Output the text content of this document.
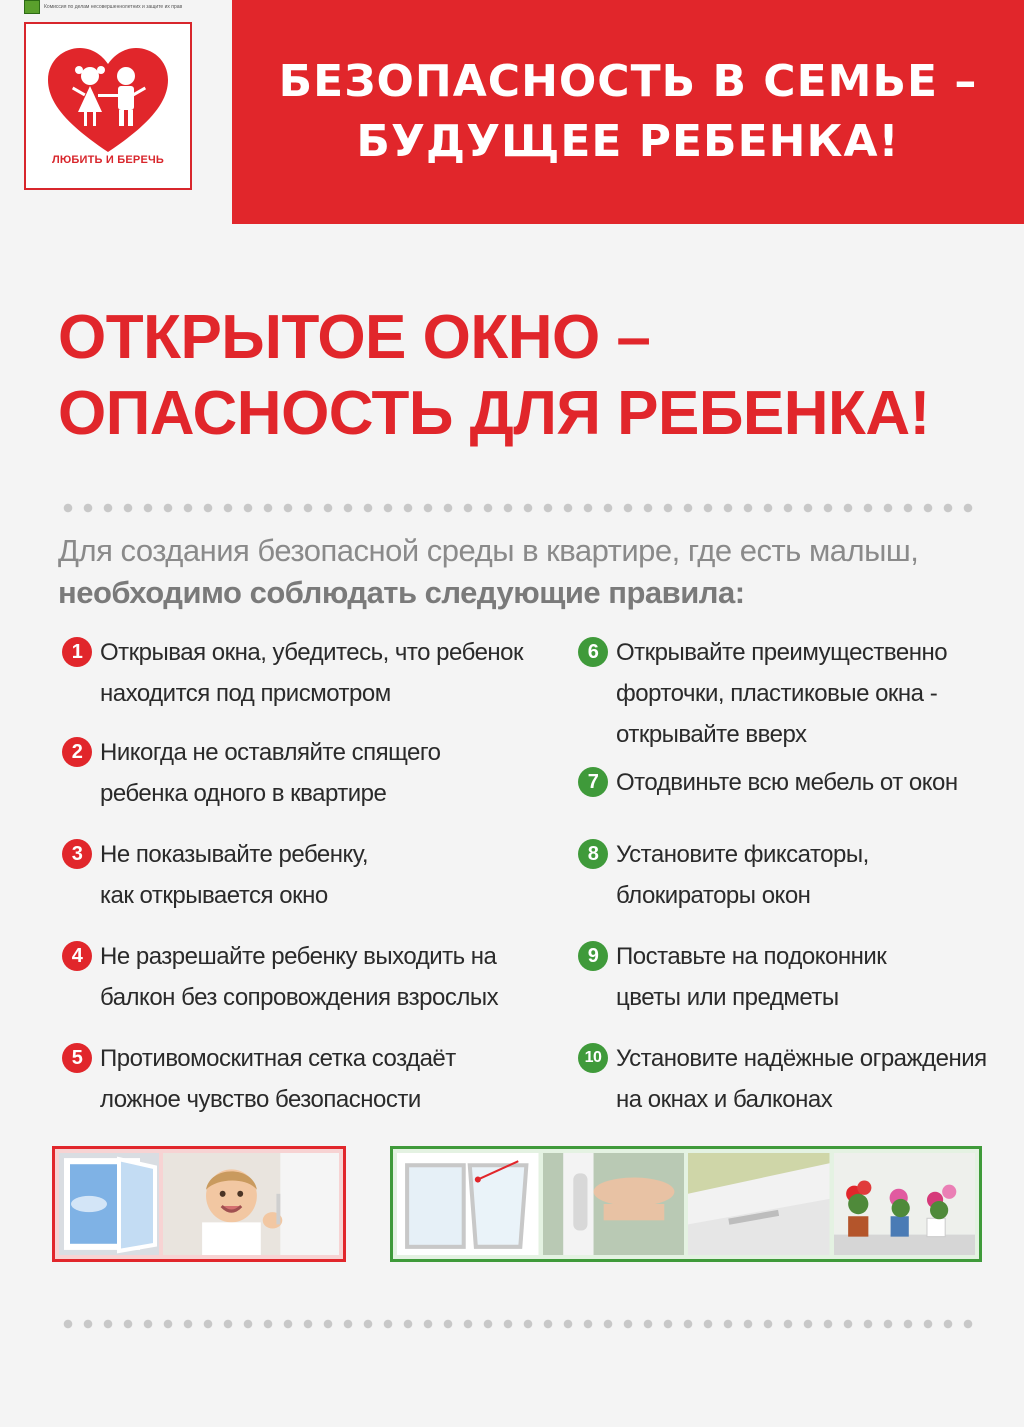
Комиссия по делам несовершеннолетних и защите их прав
ЛЮБИТЬ И БЕРЕЧЬ
БЕЗОПАСНОСТЬ В СЕМЬЕ –
БУДУЩЕЕ РЕБЕНКА!
ОТКРЫТОЕ ОКНО –
ОПАСНОСТЬ ДЛЯ РЕБЕНКА!
Для создания безопасной среды в квартире, где есть малыш,
необходимо соблюдать следующие правила:
1 Открывая окна, убедитесь, что ребенок находится под присмотром
2 Никогда не оставляйте спящего ребенка одного в квартире
3 Не показывайте ребенку, как открывается окно
4 Не разрешайте ребенку выходить на балкон без сопровождения взрослых
5 Противомоскитная сетка создаёт ложное чувство безопасности
6 Открывайте преимущественно форточки, пластиковые окна - открывайте вверх
7 Отодвиньте всю мебель от окон
8 Установите фиксаторы, блокираторы окон
9 Поставьте на подоконник цветы или предметы
10 Установите надёжные ограждения на окнах и балконах
